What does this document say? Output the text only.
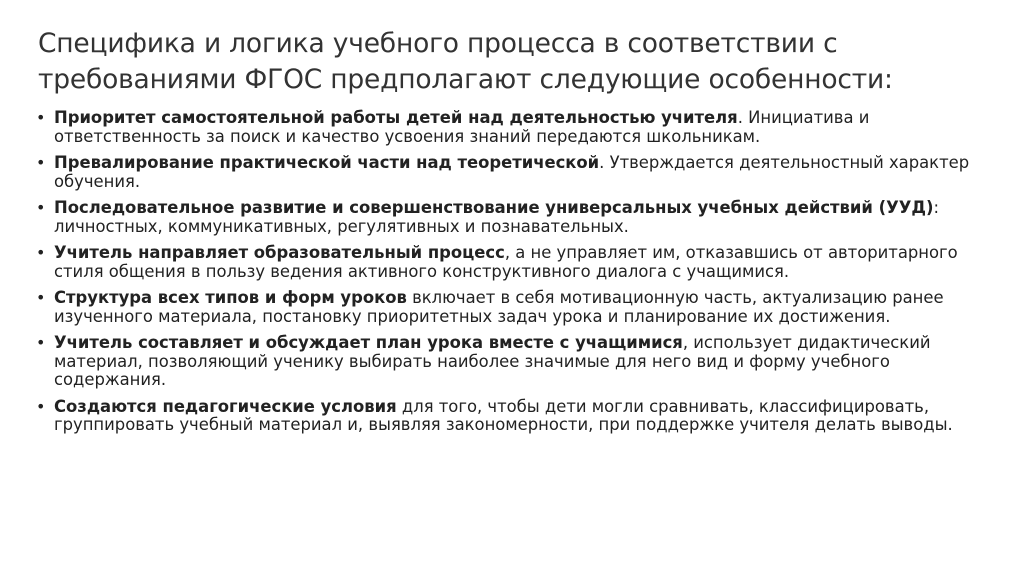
Специфика и логика учебного процесса в соответствии с требованиями ФГОС предполагают следующие особенности:
• Приоритет самостоятельной работы детей над деятельностью учителя. Инициатива и ответственность за поиск и качество усвоения знаний передаются школьникам.
• Превалирование практической части над теоретической. Утверждается деятельностный характер обучения.
• Последовательное развитие и совершенствование универсальных учебных действий (УУД): личностных, коммуникативных, регулятивных и познавательных.
• Учитель направляет образовательный процесс, а не управляет им, отказавшись от авторитарного стиля общения в пользу ведения активного конструктивного диалога с учащимися.
• Структура всех типов и форм уроков включает в себя мотивационную часть, актуализацию ранее изученного материала, постановку приоритетных задач урока и планирование их достижения.
• Учитель составляет и обсуждает план урока вместе с учащимися, использует дидактический материал, позволяющий ученику выбирать наиболее значимые для него вид и форму учебного содержания.
• Создаются педагогические условия для того, чтобы дети могли сравнивать, классифицировать, группировать учебный материал и, выявляя закономерности, при поддержке учителя делать выводы.
